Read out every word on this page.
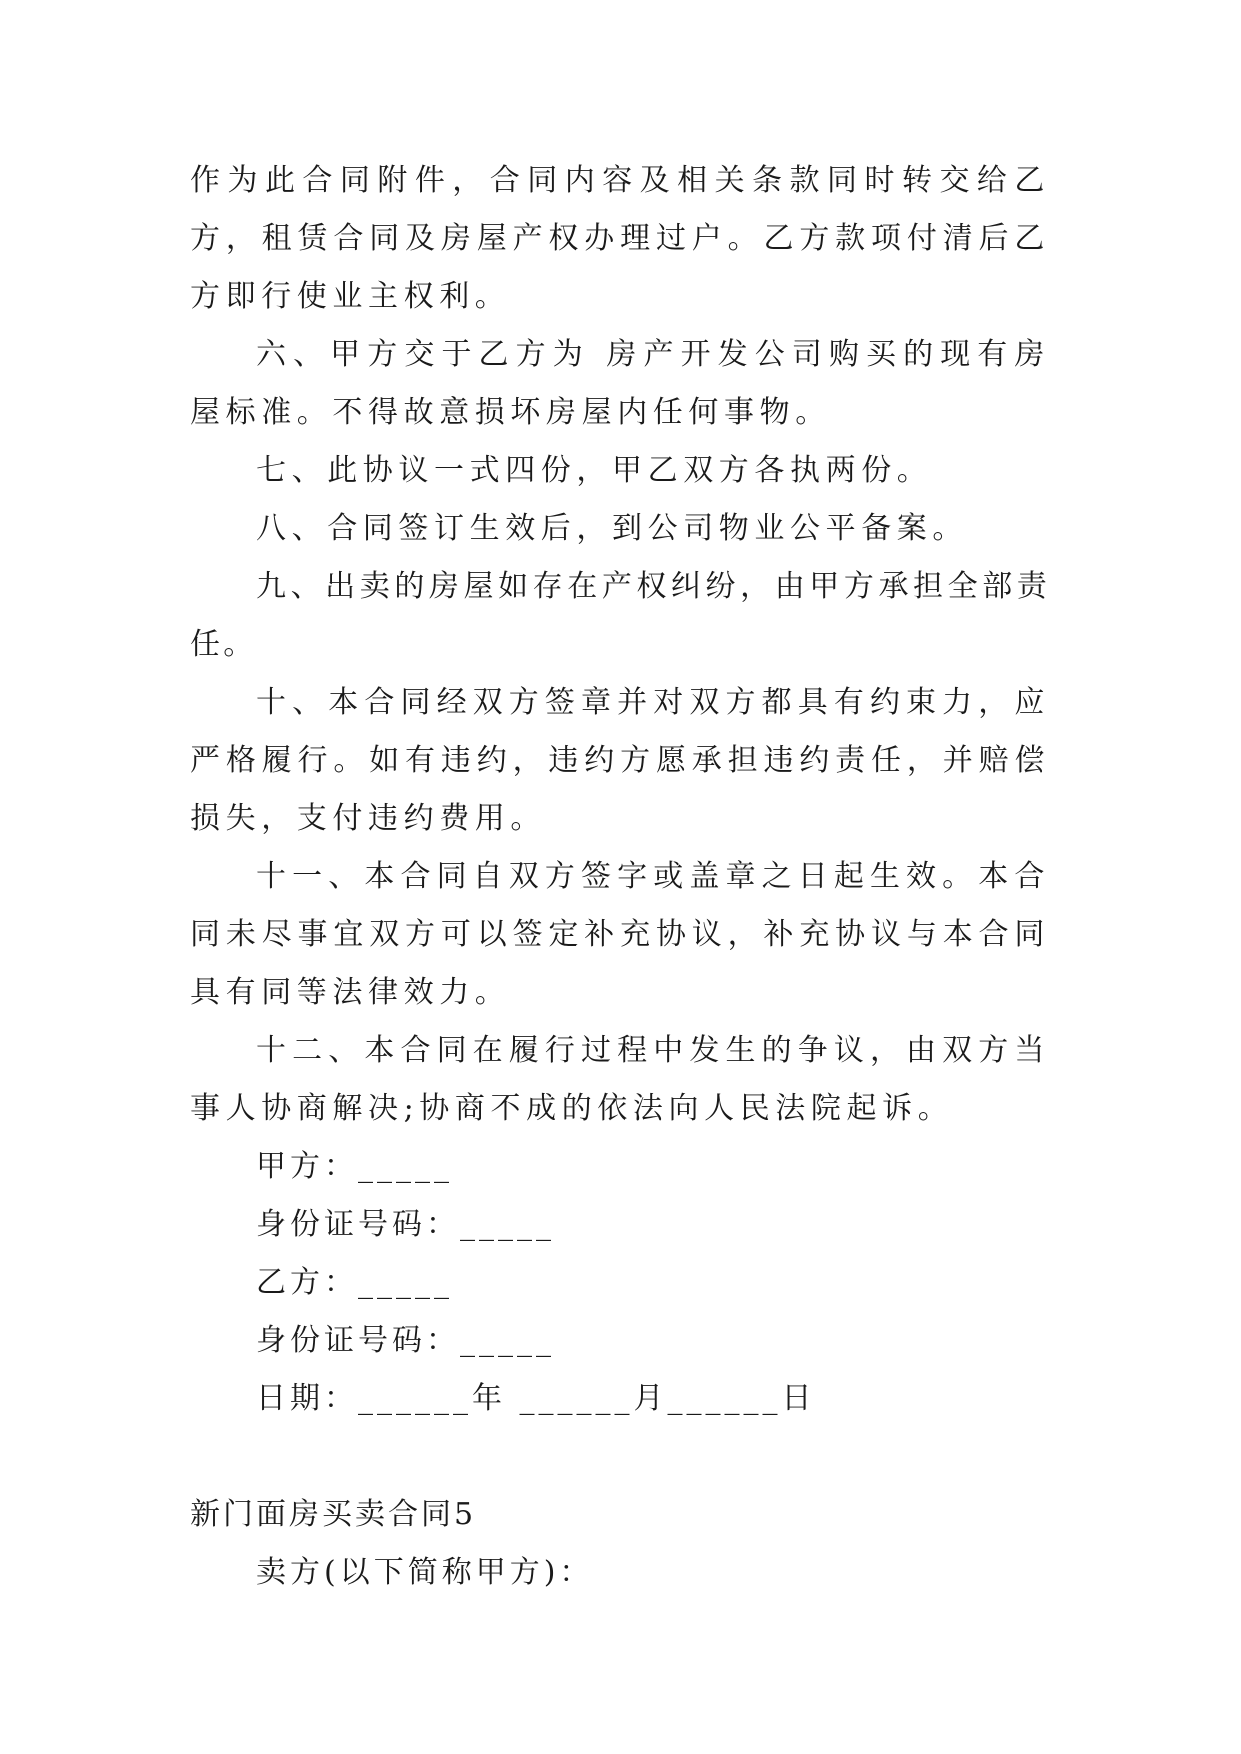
作为此合同附件，合同内容及相关条款同时转交给乙方，租赁合同及房屋产权办理过户。乙方款项付清后乙方即行使业主权利。

六、甲方交于乙方为 房产开发公司购买的现有房屋标准。不得故意损坏房屋内任何事物。

七、此协议一式四份，甲乙双方各执两份。

八、合同签订生效后，到公司物业公平备案。

九、出卖的房屋如存在产权纠纷，由甲方承担全部责任。

十、本合同经双方签章并对双方都具有约束力，应严格履行。如有违约，违约方愿承担违约责任，并赔偿损失，支付违约费用。

十一、本合同自双方签字或盖章之日起生效。本合同未尽事宜双方可以签定补充协议，补充协议与本合同具有同等法律效力。

十二、本合同在履行过程中发生的争议，由双方当事人协商解决;协商不成的依法向人民法院起诉。

甲方：_____

身份证号码：_____

乙方：_____

身份证号码：_____

日期：______年 ______月______日

新门面房买卖合同5

卖方(以下简称甲方)：
